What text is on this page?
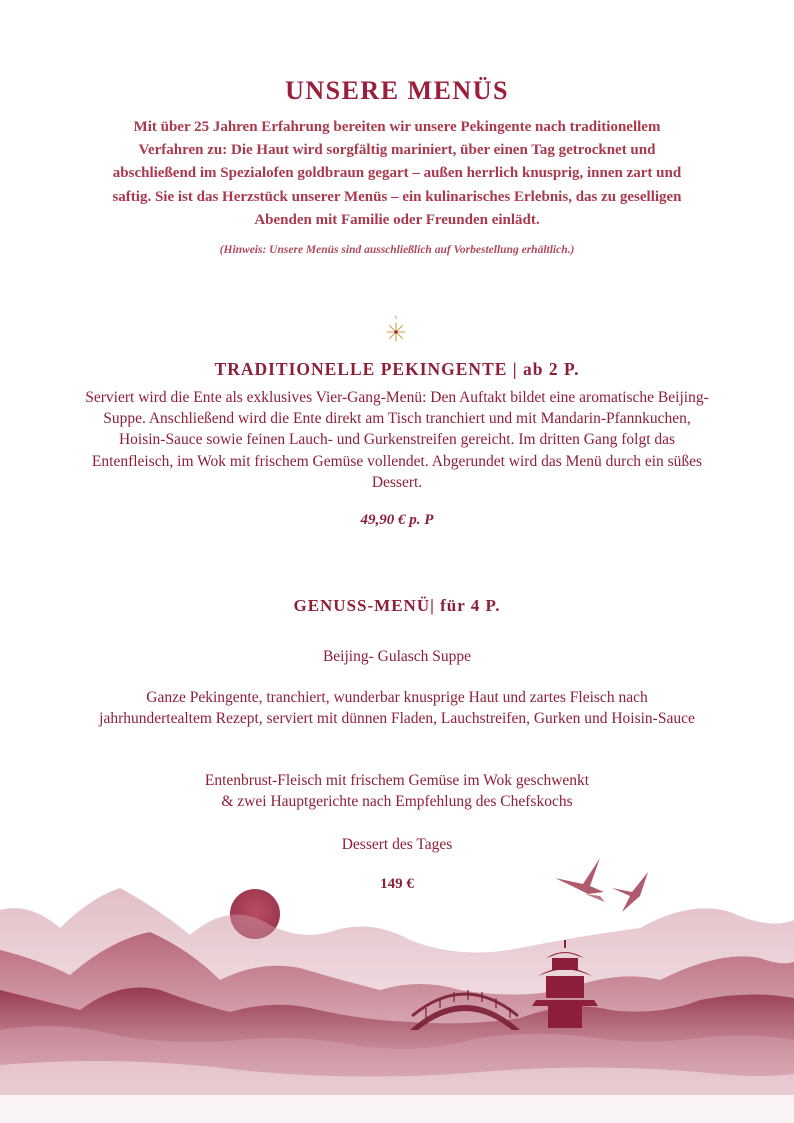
UNSERE MENÜS
Mit über 25 Jahren Erfahrung bereiten wir unsere Pekingente nach traditionellem Verfahren zu: Die Haut wird sorgfältig mariniert, über einen Tag getrocknet und abschließend im Spezialofen goldbraun gegart – außen herrlich knusprig, innen zart und saftig. Sie ist das Herzstück unserer Menüs – ein kulinarisches Erlebnis, das zu geselligen Abenden mit Familie oder Freunden einlädt.
(Hinweis: Unsere Menüs sind ausschließlich auf Vorbestellung erhältlich.)
TRADITIONELLE PEKINGENTE | ab 2 P.
Serviert wird die Ente als exklusives Vier-Gang-Menü: Den Auftakt bildet eine aromatische Beijing-Suppe. Anschließend wird die Ente direkt am Tisch tranchiert und mit Mandarin-Pfannkuchen, Hoisin-Sauce sowie feinen Lauch- und Gurkenstreifen gereicht. Im dritten Gang folgt das Entenfleisch, im Wok mit frischem Gemüse vollendet. Abgerundet wird das Menü durch ein süßes Dessert.
49,90 € p. P
GENUSS-MENÜ| für 4 P.
Beijing- Gulasch Suppe
Ganze Pekingente, tranchiert, wunderbar knusprige Haut und zartes Fleisch nach jahrhundertealtem Rezept, serviert mit dünnen Fladen, Lauchstreifen, Gurken und Hoisin-Sauce
Entenbrust-Fleisch mit frischem Gemüse im Wok geschwenkt
& zwei Hauptgerichte nach Empfehlung des Chefskochs
Dessert des Tages
149 €
